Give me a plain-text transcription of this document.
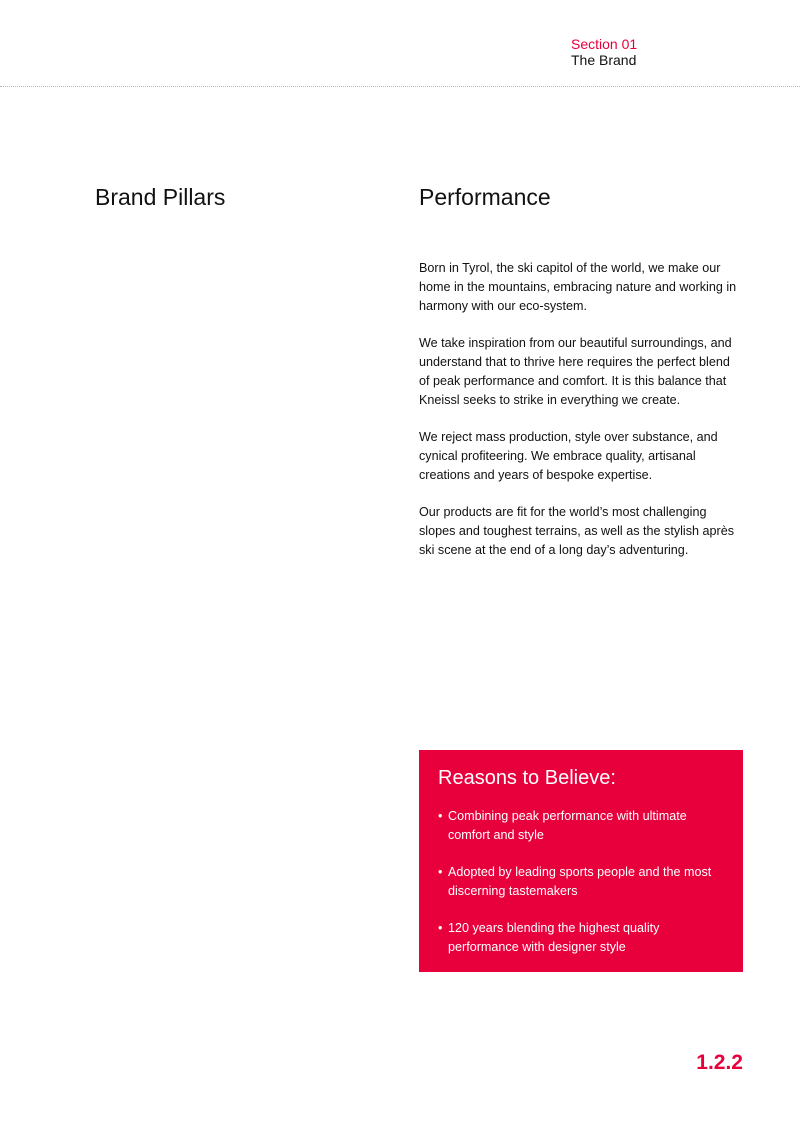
Section 01
The Brand
Brand Pillars	Performance

Born in Tyrol, the ski capitol of the world, we make our home in the mountains, embracing nature and working in harmony with our eco-system.

We take inspiration from our beautiful surroundings, and understand that to thrive here requires the perfect blend of peak performance and comfort. It is this balance that Kneissl seeks to strike in everything we create.

We reject mass production, style over substance, and cynical profiteering. We embrace quality, artisanal creations and years of bespoke expertise.

Our products are fit for the world’s most challenging slopes and toughest terrains, as well as the stylish après ski scene at the end of a long day’s adventuring.

Reasons to Believe:
• Combining peak performance with ultimate comfort and style
• Adopted by leading sports people and the most discerning tastemakers
• 120 years blending the highest quality performance with designer style
1.2.2
